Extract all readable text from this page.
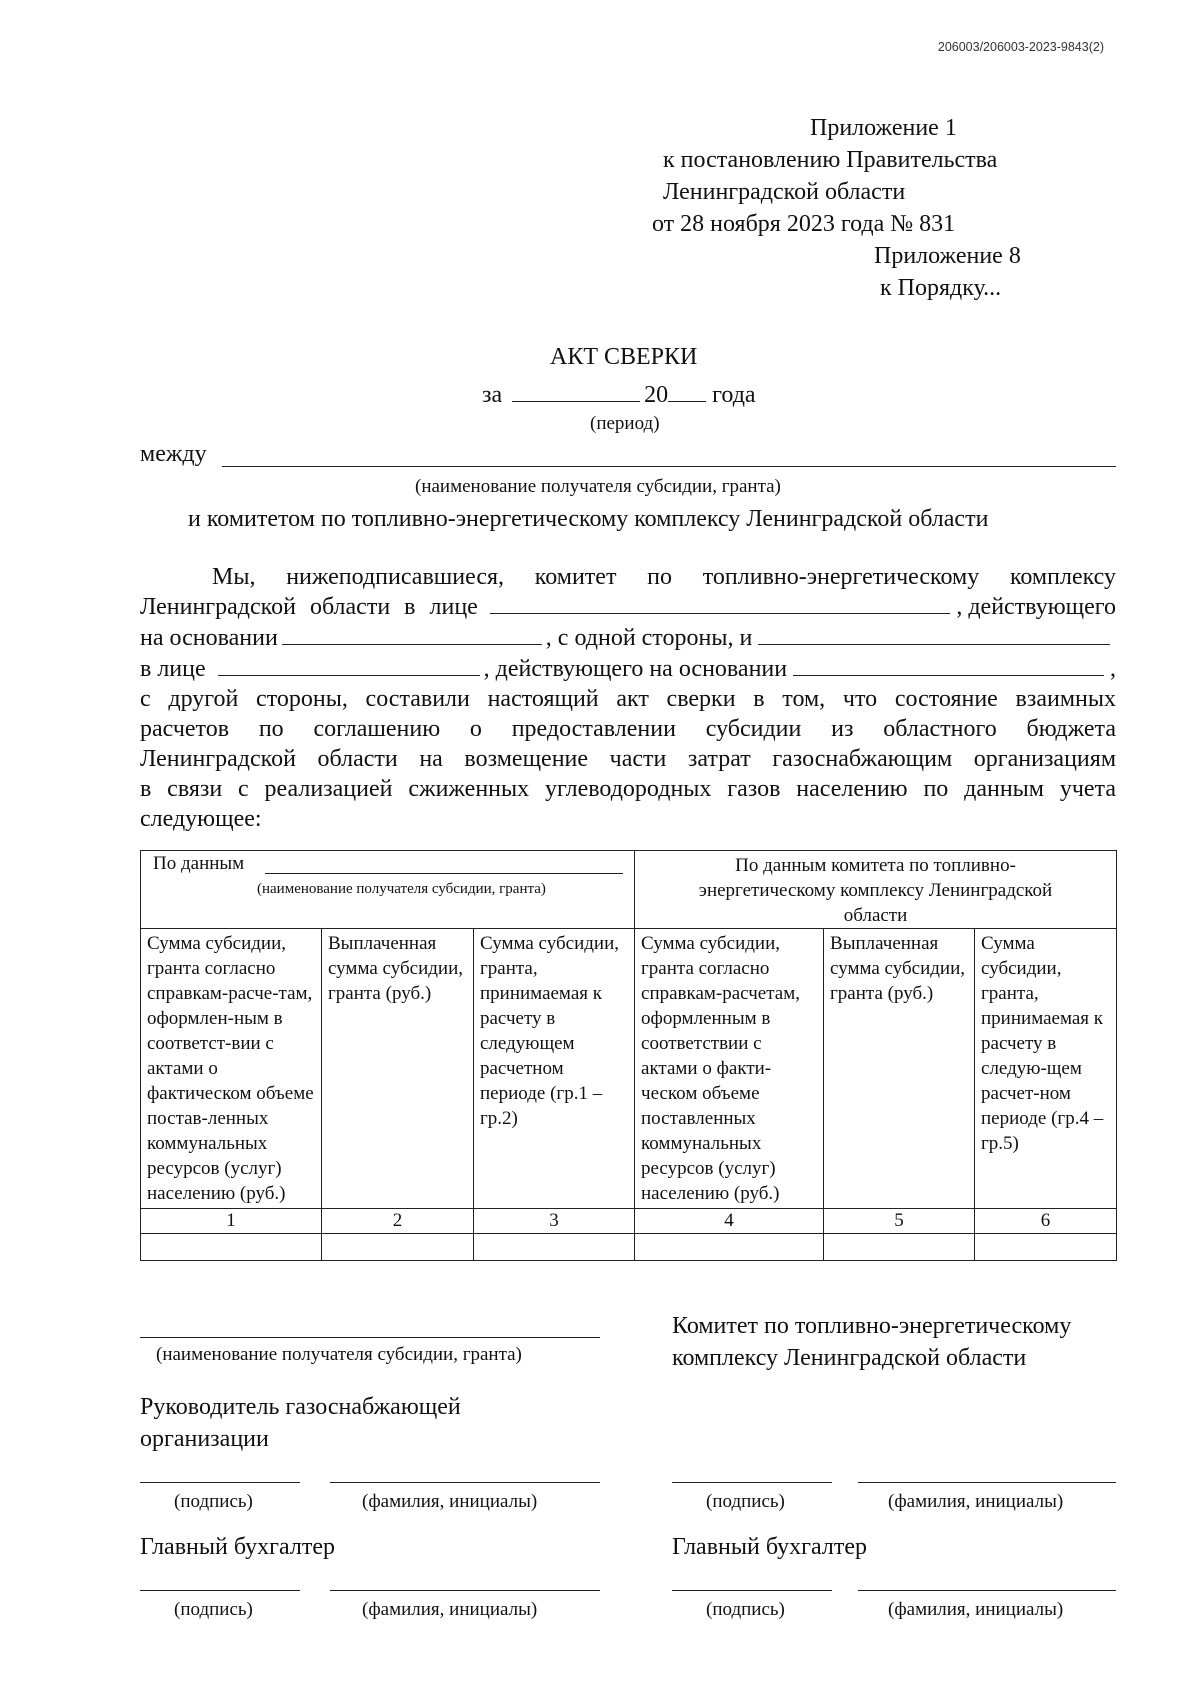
206003/206003-2023-9843(2)
Приложение 1
к постановлению Правительства
Ленинградской области
от 28 ноября 2023 года № 831
Приложение 8
к Порядку...
АКТ СВЕРКИ
за	20 года
(период)
между
(наименование получателя субсидии, гранта)
и комитетом по топливно-энергетическому комплексу Ленинградской области
Мы, нижеподписавшиеся, комитет по топливно-энергетическому комплексу
Ленинградской области в лице	, действующего
на основании	, с одной стороны, и
в лице	, действующего на основании	,
с другой стороны, составили настоящий акт сверки в том, что состояние взаимных
расчетов по соглашению о предоставлении субсидии из областного бюджета
Ленинградской области на возмещение части затрат газоснабжающим организациям
в связи с реализацией сжиженных углеводородных газов населению по данным учета
следующее:
По данным
(наименование получателя субсидии, гранта)			По данным комитета по топливно-энергетическому комплексу Ленинградской области		
Сумма субсидии, гранта согласно справкам-расче-там, оформлен-ным в соответст-вии с актами о фактическом объеме постав-ленных коммунальных ресурсов (услуг) населению (руб.)	Выплаченная сумма субсидии, гранта (руб.)	Сумма субсидии, гранта, принимаемая к расчету в следующем расчетном периоде (гр.1 – гр.2)	Сумма субсидии, гранта согласно справкам-расчетам, оформленным в соответствии с актами о факти-ческом объеме поставленных коммунальных ресурсов (услуг) населению (руб.)	Выплаченная сумма субсидии, гранта (руб.)	Сумма субсидии, гранта, принимаемая к расчету в следую-щем расчет-ном периоде (гр.4 – гр.5)
1	2	3	4	5	6

(наименование получателя субсидии, гранта)
Руководитель газоснабжающей
организации
(подпись)	(фамилия, инициалы)
Главный бухгалтер
(подпись)	(фамилия, инициалы)
Комитет по топливно-энергетическому
комплексу Ленинградской области
(подпись)	(фамилия, инициалы)
Главный бухгалтер
(подпись)	(фамилия, инициалы)
